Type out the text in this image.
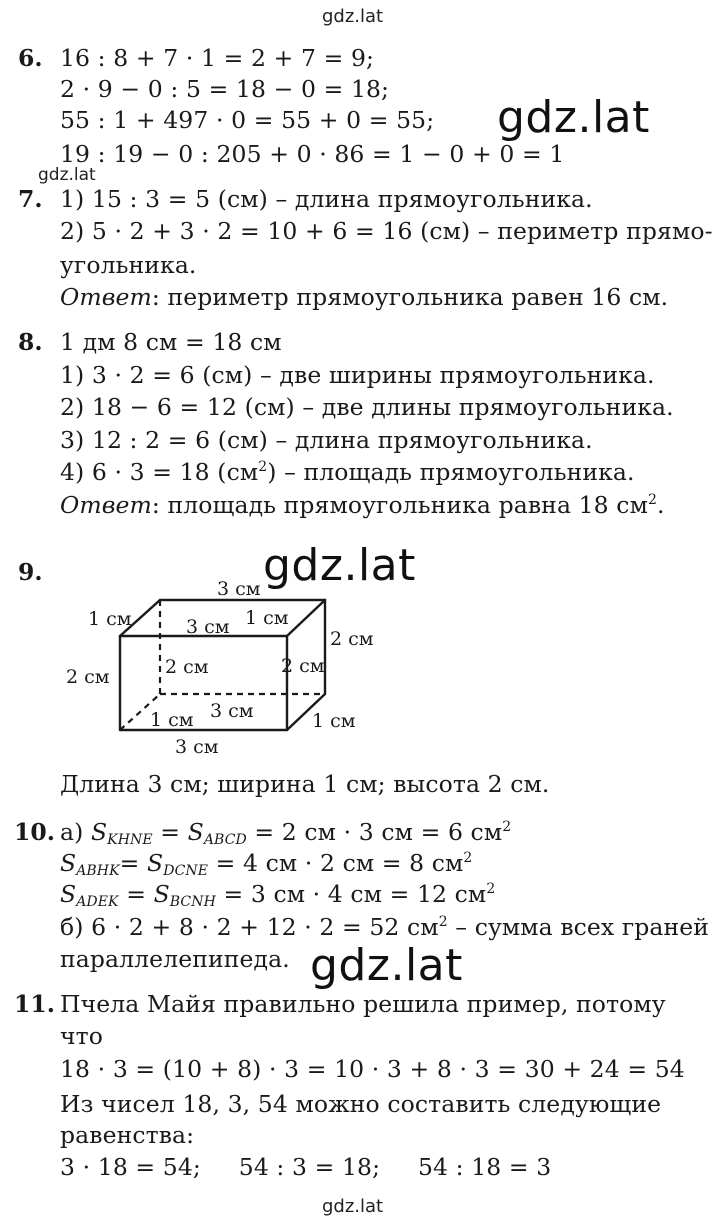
gdz.lat
gdz.lat
gdz.lat
gdz.lat
gdz.lat
gdz.lat
6. 16 : 8 + 7 · 1 = 2 + 7 = 9;
2 · 9 − 0 : 5 = 18 − 0 = 18;
55 : 1 + 497 · 0 = 55 + 0 = 55;
19 : 19 − 0 : 205 + 0 · 86 = 1 − 0 + 0 = 1
7. 1) 15 : 3 = 5 (см) – длина прямоугольника.
2) 5 · 2 + 3 · 2 = 10 + 6 = 16 (см) – периметр прямо-
угольника.
Ответ: периметр прямоугольника равен 16 см.
8. 1 дм 8 см = 18 см
1) 3 · 2 = 6 (см) – две ширины прямоугольника.
2) 18 − 6 = 12 (см) – две длины прямоугольника.
3) 12 : 2 = 6 (см) – длина прямоугольника.
4) 6 · 3 = 18 $(см^2)$ – площадь прямоугольника.
Ответ: площадь прямоугольника равна 18 $см^2$.
9.
3 см
3 см
1 см	1 см
2 см
2 см	2 см	2 см
3 см
1 см	1 см
3 см
Длина 3 см; ширина 1 см; высота 2 см.
10. а) $S_{KHNE} = S_{ABCD} = 2$ см · 3 см = 6 $см^2$
$S_{ABHK}= S_{DCNE} = 4$ см · 2 см = 8 $см^2$
$S_{ADEK} = S_{BCNH} = 3$ см · 4 см = 12 $см^2$
б) 6 · 2 + 8 · 2 + 12 · 2 = 52 $см^2$ – сумма всех граней
параллелепипеда.
11. Пчела Майя правильно решила пример, потому
что
18 · 3 = (10 + 8) · 3 = 10 · 3 + 8 · 3 = 30 + 24 = 54
Из чисел 18, 3, 54 можно составить следующие
равенства:
3 · 18 = 54;     54 : 3 = 18;     54 : 18 = 3
